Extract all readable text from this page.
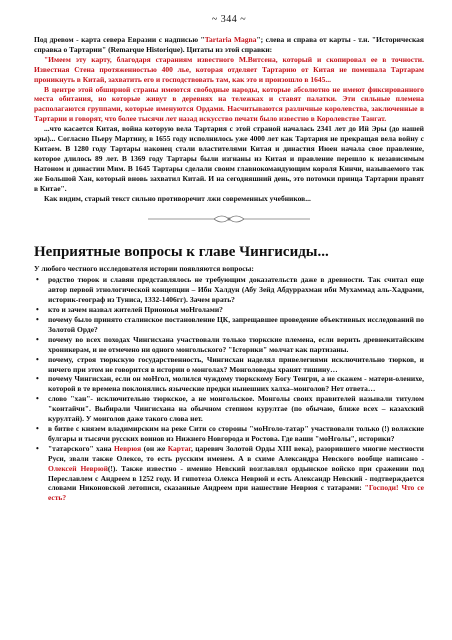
~ 344 ~

Под древом - карта севера Евразии с надписью "Tartaria Magna"; слева и справа от карты - т.н. "Историческая справка о Тартарии" (Remarque Historique). Цитаты из этой справки:

"Имеем эту карту, благодаря стараниям известного М.Витсена, который и скопировал ее в точности. Известная Стена протяженностью 400 лье, которая отделяет Тартарию от Китая не помешала Тартарам проникнуть в Китай, захватить его и господствовать там, как это и произошло в 1645...

В центре этой обширной страны имеются свободные народы, которые абсолютно не имеют фиксированного места обитания, но которые живут в деревнях на тележках и ставят палатки. Эти сильные племена располагаются группами, которые именуются Ордами. Насчитываются различные королевства, заключенные в Тартарии и говорят, что более тысячи лет назад искусство печати было известно в Королевстве Тангат.

...что касается Китая, война которую вела Тартария с этой страной началась 2341 лет до Ий Эры (до нашей эры)... Согласно Пьеру Мартину, в 1655 году исполнилось уже 4000 лет как Тартария не прекращая вела войну с Китаем. В 1280 году Тартары наконец стали властителями Китая и династия Июен начала свое правление, которое длилось 89 лет. В 1369 году Тартары были изгнаны из Китая и правление перешло к независимым Натоном и династии Мим. В 1645 Тартары сделали своим главнокомандующим короля Кинчи, называемого так же Большой Хан, который вновь захватил Китай. И на сегодняшний день, это потомки принца Тартарии правят в Китае".

Как видим, старый текст сильно противоречит лжи современных учебников...

Неприятные вопросы к главе Чингисиды...

У любого честного исследователя истории появляются вопросы:

• родство тюрок и славян представлялось не требующим доказательств даже в древности. Так считал еще автор первой этнологической концепции – Ибн Халдун (Абу Зейд Абдуррахман ибн Мухаммад аль-Хадрами, историк-географ из Туниса, 1332-1406гг). Зачем врать?
• кто и зачем назвал жителей Прионоья моНголами?
• почему было принято сталинское постановление ЦК, запрещавшее проведение объективных исследований по Золотой Орде?
• почему во всех походах Чингисхана участвовали только тюркские племена, если верить древнекитайским хроникерам, и не отмечено ни одного монгольского? "Історики" молчат как партизаны.
• почему, строя тюркскую государственность, Чингисхан наделял привелегиями исключительно тюрков, и ничего при этом не говорится в истории о монголах? Монголоведы хранят тишину…
• почему Чингисхан, если он моНгол, молился чуждому тюркскому Богу Тенгри, а не скажем - матери-оленихе, которой в те времена поклонялись языческие предки нынешних халха–монголов? Нет ответа…
• слово "хан"- исключительно тюркское, а не монгольское. Монголы своих правителей называли титулом "контайчи". Выбирали Чингисхана на обычном степном курултае (по обычаю, ближе всех – казахский курултай). У монголов даже такого слова нет.
• в битве с князем владимирским на реке Сити со стороны "моНголо-татар" участвовали только (!) волжские булгары и тысячи русских воинов из Нижнего Новгорода и Ростова. Где ваши "моНголы", историки?
• "татарского" хана Неврюя (он же Картаг, царевич Золотой Орды XIII века), разорившего многие местности Руси, звали также Олексо, то есть русским именем. А в схиме Александра Невского вообще написано - Олексей Неврюй(!). Также известно - именно Невский возглавлял ордынское войско при сражении под Переславлем с Андреем в 1252 году. И гипотеза Олекса Неврюй и есть Александр Невский - подтверждается словами Никоновской летописи, сказанные Андреем при нашествие Неврюя с татарами: "Господи! Что се есть?
